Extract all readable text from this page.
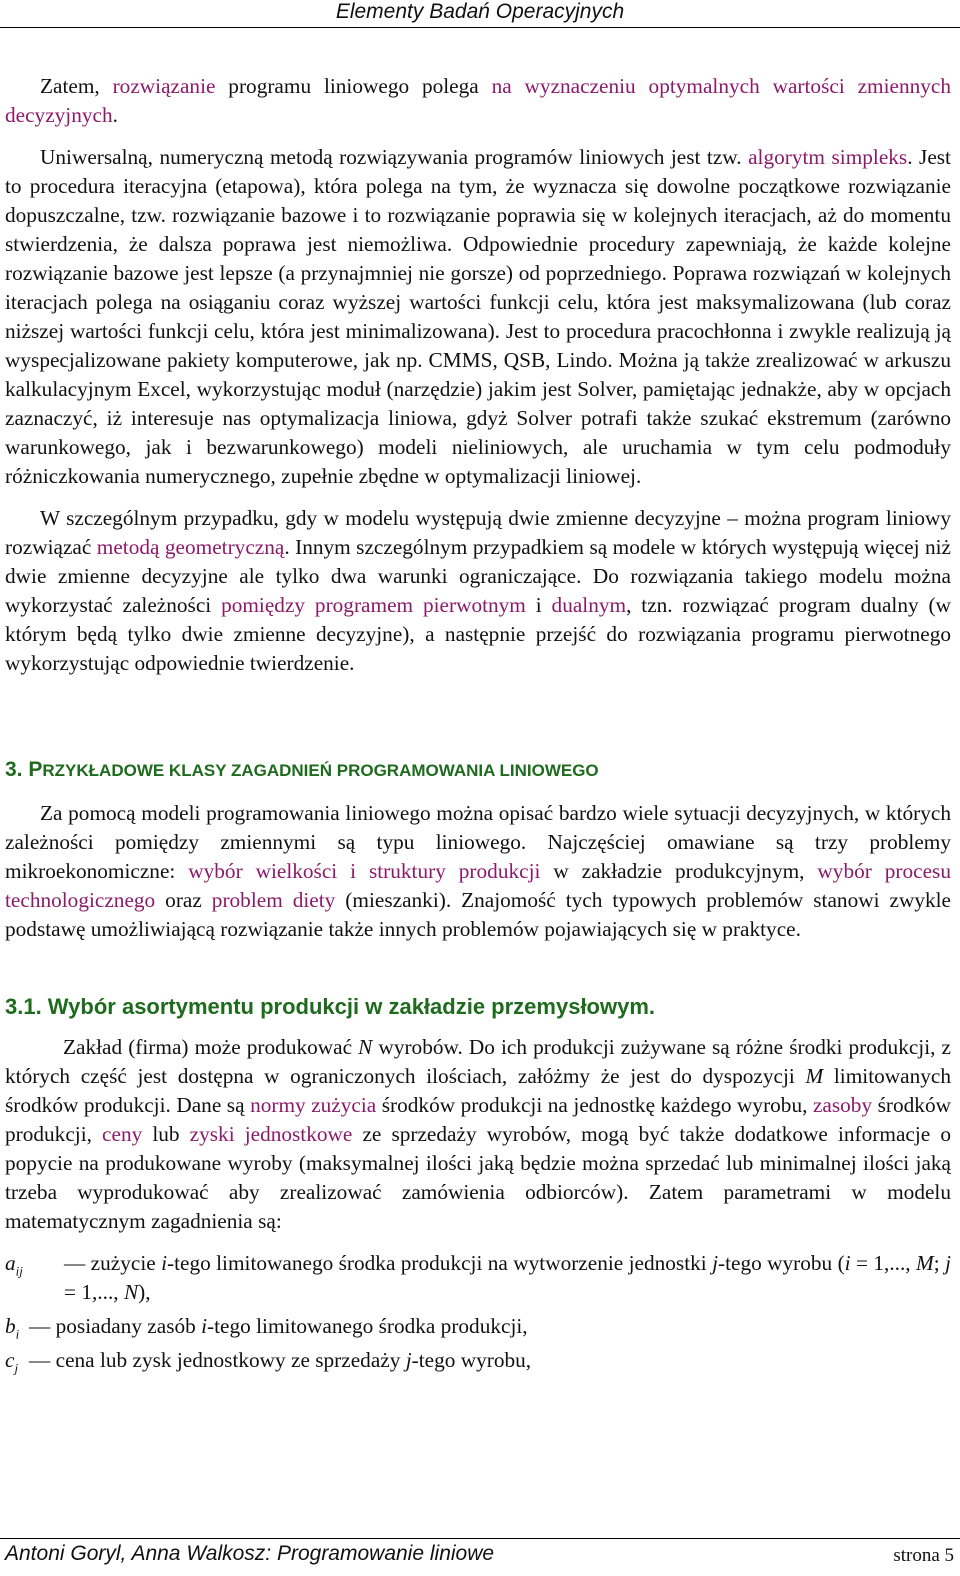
Elementy Badań Operacyjnych

Zatem, rozwiązanie programu liniowego polega na wyznaczeniu optymalnych wartości zmiennych decyzyjnych.

Uniwersalną, numeryczną metodą rozwiązywania programów liniowych jest tzw. algorytm simpleks. Jest to procedura iteracyjna (etapowa), która polega na tym, że wyznacza się dowolne początkowe rozwiązanie dopuszczalne, tzw. rozwiązanie bazowe i to rozwiązanie poprawia się w kolejnych iteracjach, aż do momentu stwierdzenia, że dalsza poprawa jest niemożliwa. Odpowiednie procedury zapewniają, że każde kolejne rozwiązanie bazowe jest lepsze (a przynajmniej nie gorsze) od poprzedniego. Poprawa rozwiązań w kolejnych iteracjach polega na osiąganiu coraz wyższej wartości funkcji celu, która jest maksymalizowana (lub coraz niższej wartości funkcji celu, która jest minimalizowana). Jest to procedura pracochłonna i zwykle realizują ją wyspecjalizowane pakiety komputerowe, jak np. CMMS, QSB, Lindo. Można ją także zrealizować w arkuszu kalkulacyjnym Excel, wykorzystując moduł (narzędzie) jakim jest Solver, pamiętając jednakże, aby w opcjach zaznaczyć, iż interesuje nas optymalizacja liniowa, gdyż Solver potrafi także szukać ekstremum (zarówno warunkowego, jak i bezwarunkowego) modeli nieliniowych, ale uruchamia w tym celu podmoduły różniczkowania numerycznego, zupełnie zbędne w optymalizacji liniowej.

W szczególnym przypadku, gdy w modelu występują dwie zmienne decyzyjne – można program liniowy rozwiązać metodą geometryczną. Innym szczególnym przypadkiem są modele w których występują więcej niż dwie zmienne decyzyjne ale tylko dwa warunki ograniczające. Do rozwiązania takiego modelu można wykorzystać zależności pomiędzy programem pierwotnym i dualnym, tzn. rozwiązać program dualny (w którym będą tylko dwie zmienne decyzyjne), a następnie przejść do rozwiązania programu pierwotnego wykorzystując odpowiednie twierdzenie.

3. PRZYKŁADOWE KLASY ZAGADNIEŃ PROGRAMOWANIA LINIOWEGO

Za pomocą modeli programowania liniowego można opisać bardzo wiele sytuacji decyzyjnych, w których zależności pomiędzy zmiennymi są typu liniowego. Najczęściej omawiane są trzy problemy mikroekonomiczne: wybór wielkości i struktury produkcji w zakładzie produkcyjnym, wybór procesu technologicznego oraz problem diety (mieszanki). Znajomość tych typowych problemów stanowi zwykle podstawę umożliwiającą rozwiązanie także innych problemów pojawiających się w praktyce.

3.1. Wybór asortymentu produkcji w zakładzie przemysłowym.

Zakład (firma) może produkować N wyrobów. Do ich produkcji zużywane są różne środki produkcji, z których część jest dostępna w ograniczonych ilościach, załóżmy że jest do dyspozycji M limitowanych środków produkcji. Dane są normy zużycia środków produkcji na jednostkę każdego wyrobu, zasoby środków produkcji, ceny lub zyski jednostkowe ze sprzedaży wyrobów, mogą być także dodatkowe informacje o popycie na produkowane wyroby (maksymalnej ilości jaką będzie można sprzedać lub minimalnej ilości jaką trzeba wyprodukować aby zrealizować zamówienia odbiorców). Zatem parametrami w modelu matematycznym zagadnienia są:

$a_{ij}$ — zużycie i-tego limitowanego środka produkcji na wytworzenie jednostki j-tego wyrobu (i = 1,..., M; j = 1,..., N),

$b_i$ — posiadany zasób i-tego limitowanego środka produkcji,

$c_j$ — cena lub zysk jednostkowy ze sprzedaży j-tego wyrobu,

Antoni Goryl, Anna Walkosz: Programowanie liniowe	strona 5
